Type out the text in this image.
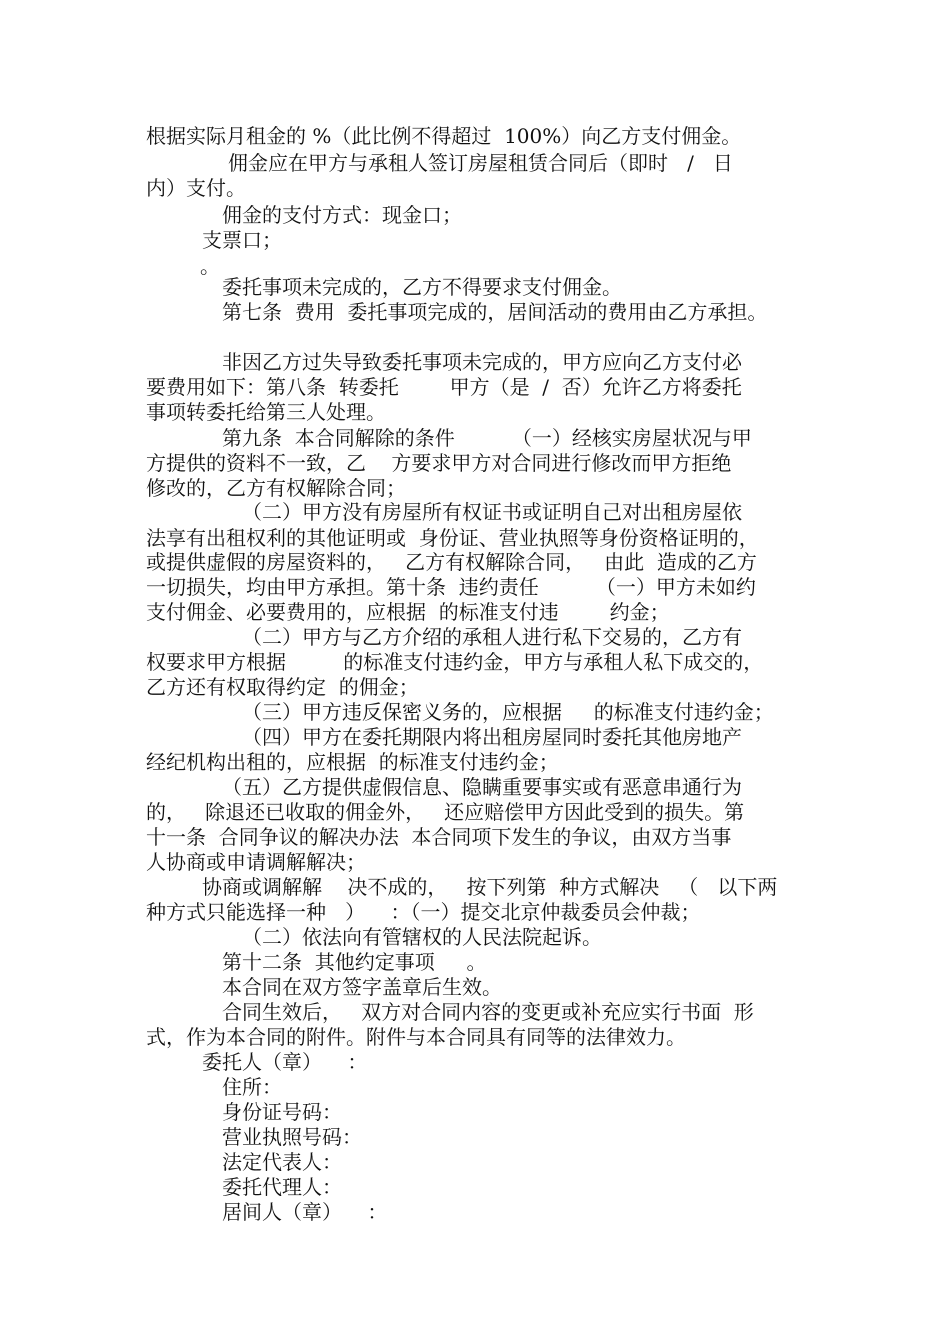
根据实际月租金的 %（此比例不得超过  100%）向乙方支付佣金。
佣金应在甲方与承租人签订房屋租赁合同后（即时   /   日
内）支付。
佣金的支付方式：现金口；
支票口；
。
委托事项未完成的，乙方不得要求支付佣金。
第七条  费用  委托事项完成的，居间活动的费用由乙方承担。
非因乙方过失导致委托事项未完成的，甲方应向乙方支付必
要费用如下：第八条  转委托        甲方（是  /  否）允许乙方将委托
事项转委托给第三人处理。
第九条  本合同解除的条件         （一）经核实房屋状况与甲
方提供的资料不一致，乙    方要求甲方对合同进行修改而甲方拒绝
修改的，乙方有权解除合同；
（二）甲方没有房屋所有权证书或证明自己对出租房屋依
法享有出租权利的其他证明或  身份证、营业执照等身份资格证明的，
或提供虚假的房屋资料的，   乙方有权解除合同，   由此  造成的乙方
一切损失，均由甲方承担。第十条  违约责任         （一）甲方未如约
支付佣金、必要费用的，应根据  的标准支付违        约金；
（二）甲方与乙方介绍的承租人进行私下交易的，乙方有
权要求甲方根据         的标准支付违约金，甲方与承租人私下成交的，
乙方还有权取得约定  的佣金；
（三）甲方违反保密义务的，应根据     的标准支付违约金；
（四）甲方在委托期限内将出租房屋同时委托其他房地产
经纪机构出租的，应根据  的标准支付违约金；
（五）乙方提供虚假信息、隐瞒重要事实或有恶意串通行为
的，   除退还已收取的佣金外，   还应赔偿甲方因此受到的损失。第
十一条  合同争议的解决办法  本合同项下发生的争议，由双方当事
人协商或申请调解解决；
协商或调解解    决不成的，   按下列第  种方式解决   （   以下两
种方式只能选择一种   ）    ：（一）提交北京仲裁委员会仲裁；
（二）依法向有管辖权的人民法院起诉。
第十二条  其他约定事项     。
本合同在双方签字盖章后生效。
合同生效后，   双方对合同内容的变更或补充应实行书面  形
式，作为本合同的附件。附件与本合同具有同等的法律效力。
委托人（章）    ：
住所：
身份证号码：
营业执照号码：
法定代表人：
委托代理人：
居间人（章）    ：
